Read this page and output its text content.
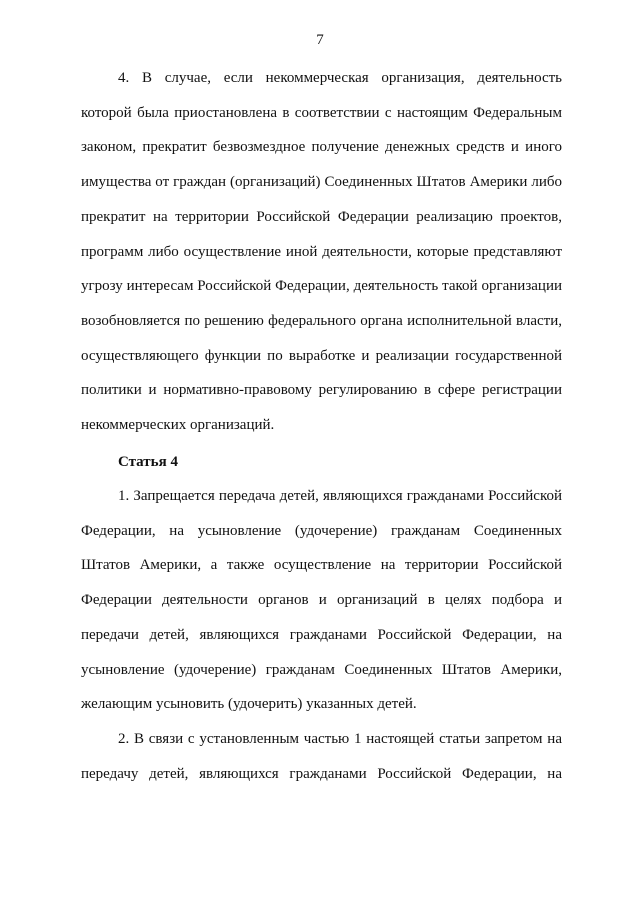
7

4. В случае, если некоммерческая организация, деятельность которой была приостановлена в соответствии с настоящим Федеральным законом, прекратит безвозмездное получение денежных средств и иного имущества от граждан (организаций) Соединенных Штатов Америки либо прекратит на территории Российской Федерации реализацию проектов, программ либо осуществление иной деятельности, которые представляют угрозу интересам Российской Федерации, деятельность такой организации возобновляется по решению федерального органа исполнительной власти, осуществляющего функции по выработке и реализации государственной политики и нормативно-правовому регулированию в сфере регистрации некоммерческих организаций.

Статья 4

1. Запрещается передача детей, являющихся гражданами Российской Федерации, на усыновление (удочерение) гражданам Соединенных Штатов Америки, а также осуществление на территории Российской Федерации деятельности органов и организаций в целях подбора и передачи детей, являющихся гражданами Российской Федерации, на усыновление (удочерение) гражданам Соединенных Штатов Америки, желающим усыновить (удочерить) указанных детей.

2. В связи с установленным частью 1 настоящей статьи запретом на передачу детей, являющихся гражданами Российской Федерации, на
